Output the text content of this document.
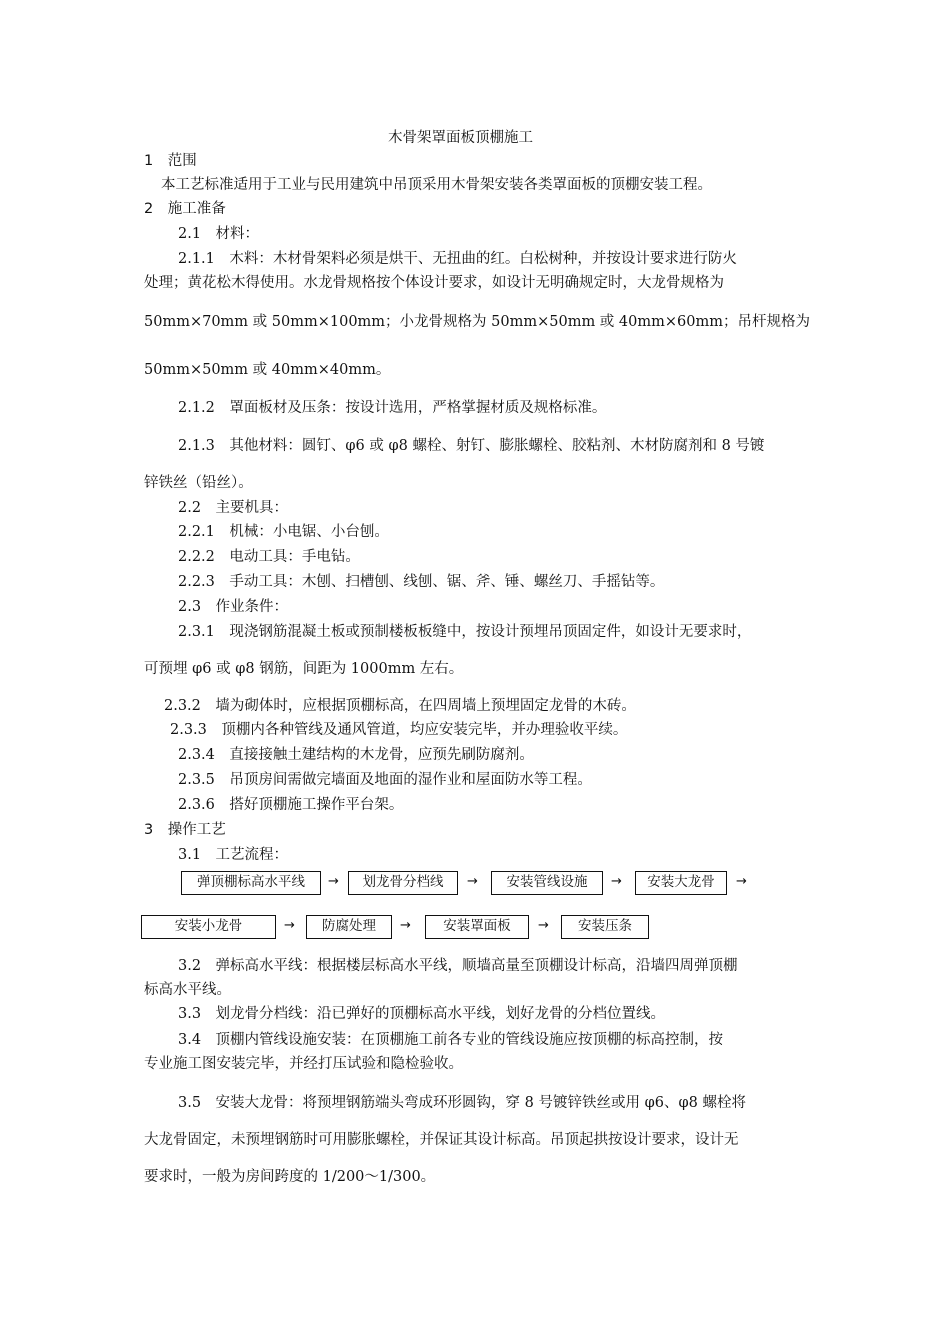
木骨架罩面板顶棚施工
1　范围
本工艺标准适用于工业与民用建筑中吊顶采用木骨架安装各类罩面板的顶棚安装工程。
2　施工准备
2.1　材料：
2.1.1　木料：木材骨架料必须是烘干、无扭曲的红。白松树种，并按设计要求进行防火
处理；黄花松木得使用。水龙骨规格按个体设计要求，如设计无明确规定时，大龙骨规格为
50mm×70mm 或 50mm×100mm；小龙骨规格为 50mm×50mm 或 40mm×60mm；吊杆规格为
50mm×50mm 或 40mm×40mm。
2.1.2　罩面板材及压条：按设计选用，严格掌握材质及规格标准。
2.1.3　其他材料：圆钉、φ6 或 φ8 螺栓、射钉、膨胀螺栓、胶粘剂、木材防腐剂和 8 号镀
锌铁丝（铅丝）。
2.2　主要机具：
2.2.1　机械：小电锯、小台刨。
2.2.2　电动工具：手电钻。
2.2.3　手动工具：木刨、扫槽刨、线刨、锯、斧、锤、螺丝刀、手摇钻等。
2.3　作业条件：
2.3.1　现浇钢筋混凝土板或预制楼板板缝中，按设计预埋吊顶固定件，如设计无要求时，
可预埋 φ6 或 φ8 钢筋，间距为 1000mm 左右。
2.3.2　墙为砌体时，应根据顶棚标高，在四周墙上预埋固定龙骨的木砖。
2.3.3　顶棚内各种管线及通风管道，均应安装完毕，并办理验收平续。
2.3.4　直接接触土建结构的木龙骨，应预先刷防腐剂。
2.3.5　吊顶房间需做完墙面及地面的湿作业和屋面防水等工程。
2.3.6　搭好顶棚施工操作平台架。
3　操作工艺
3.1　工艺流程：
弹顶棚标高水平线	→	划龙骨分档线	→	安装管线设施	→	安装大龙骨	→
安装小龙骨	→	防腐处理	→	安装罩面板	→	安装压条
3.2　弹标高水平线：根据楼层标高水平线，顺墙高量至顶棚设计标高，沿墙四周弹顶棚
标高水平线。
3.3　划龙骨分档线：沿已弹好的顶棚标高水平线，划好龙骨的分档位置线。
3.4　顶棚内管线设施安装：在顶棚施工前各专业的管线设施应按顶棚的标高控制，按
专业施工图安装完毕，并经打压试验和隐检验收。
3.5　安装大龙骨：将预埋钢筋端头弯成环形圆钩，穿 8 号镀锌铁丝或用 φ6、φ8 螺栓将
大龙骨固定，未预埋钢筋时可用膨胀螺栓，并保证其设计标高。吊顶起拱按设计要求，设计无
要求时，一般为房间跨度的 1/200～1/300。
